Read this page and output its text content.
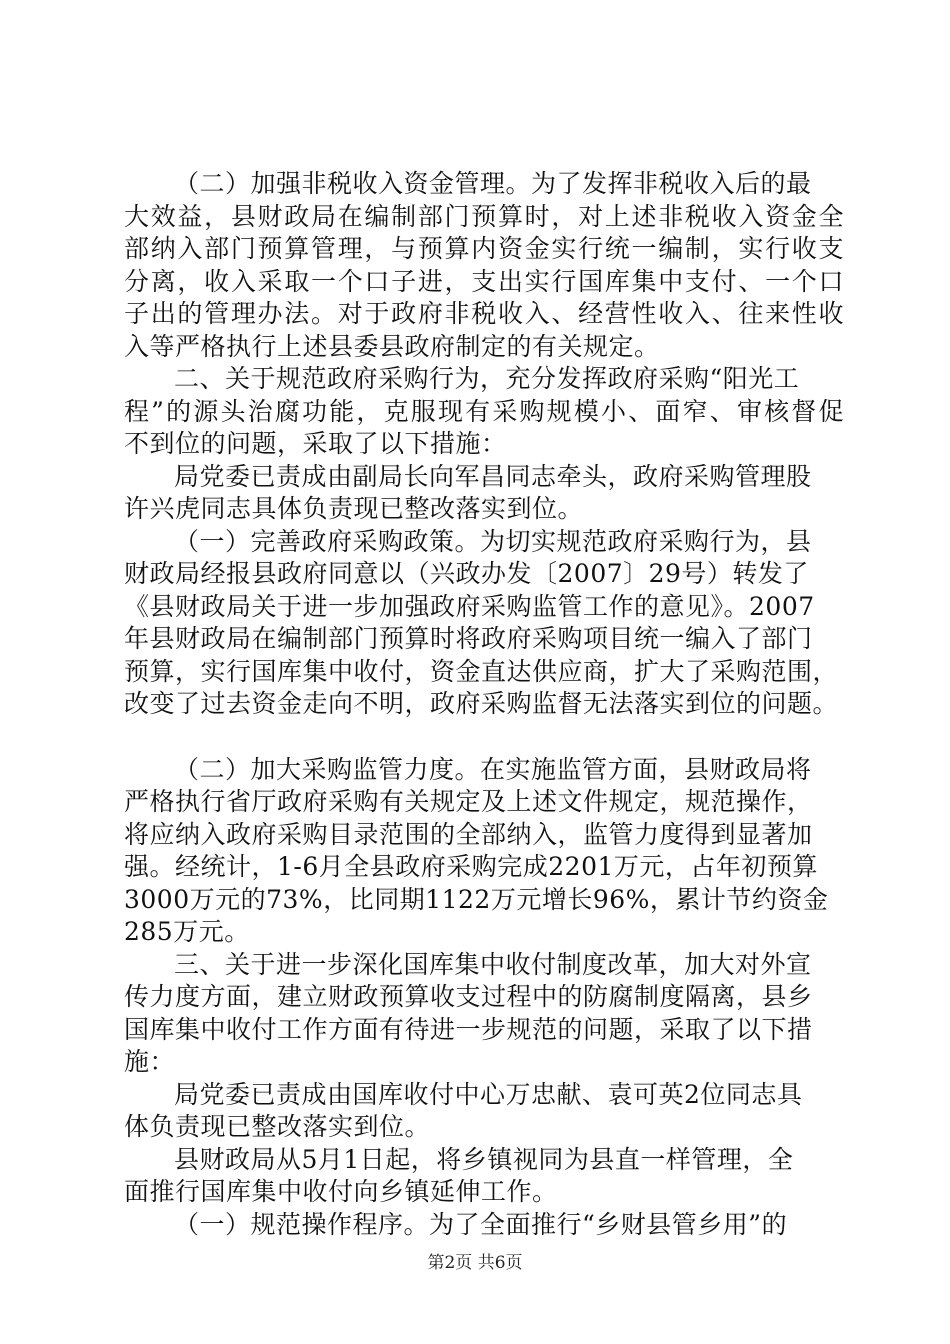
（二）加强非税收入资金管理。为了发挥非税收入后的最
大效益，县财政局在编制部门预算时，对上述非税收入资金全
部纳入部门预算管理，与预算内资金实行统一编制，实行收支
分离，收入采取一个口子进，支出实行国库集中支付、一个口
子出的管理办法。对于政府非税收入、经营性收入、往来性收
入等严格执行上述县委县政府制定的有关规定。
二、关于规范政府采购行为，充分发挥政府采购“阳光工
程”的源头治腐功能，克服现有采购规模小、面窄、审核督促
不到位的问题，采取了以下措施：
局党委已责成由副局长向军昌同志牵头，政府采购管理股
许兴虎同志具体负责现已整改落实到位。
（一）完善政府采购政策。为切实规范政府采购行为，县
财政局经报县政府同意以（兴政办发〔2007〕29号）转发了
《县财政局关于进一步加强政府采购监管工作的意见》。2007
年县财政局在编制部门预算时将政府采购项目统一编入了部门
预算，实行国库集中收付，资金直达供应商，扩大了采购范围，
改变了过去资金走向不明，政府采购监督无法落实到位的问题。
（二）加大采购监管力度。在实施监管方面，县财政局将
严格执行省厅政府采购有关规定及上述文件规定，规范操作，
将应纳入政府采购目录范围的全部纳入，监管力度得到显著加
强。经统计，1-6月全县政府采购完成2201万元，占年初预算
3000万元的73%，比同期1122万元增长96%，累计节约资金
285万元。
三、关于进一步深化国库集中收付制度改革，加大对外宣
传力度方面，建立财政预算收支过程中的防腐制度隔离，县乡
国库集中收付工作方面有待进一步规范的问题，采取了以下措
施：
局党委已责成由国库收付中心万忠献、袁可英2位同志具
体负责现已整改落实到位。
县财政局从5月1日起，将乡镇视同为县直一样管理，全
面推行国库集中收付向乡镇延伸工作。
（一）规范操作程序。为了全面推行“乡财县管乡用”的
第2页 共6页
